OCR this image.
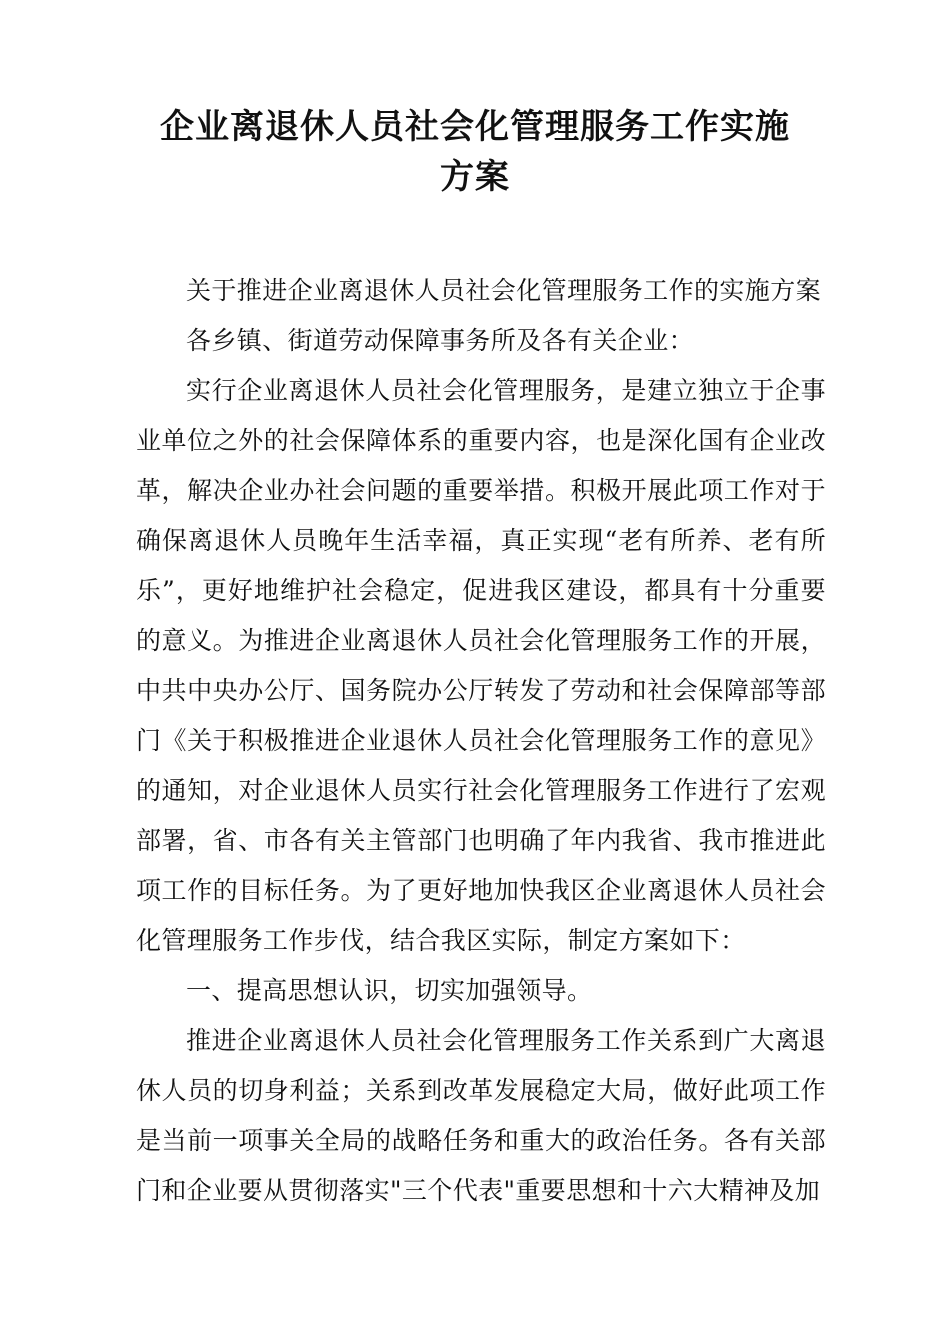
企业离退休人员社会化管理服务工作实施
方案

关于推进企业离退休人员社会化管理服务工作的实施方案

各乡镇、街道劳动保障事务所及各有关企业：

实行企业离退休人员社会化管理服务，是建立独立于企事业单位之外的社会保障体系的重要内容，也是深化国有企业改革，解决企业办社会问题的重要举措。积极开展此项工作对于确保离退休人员晚年生活幸福，真正实现“老有所养、老有所乐”，更好地维护社会稳定，促进我区建设，都具有十分重要的意义。为推进企业离退休人员社会化管理服务工作的开展，中共中央办公厅、国务院办公厅转发了劳动和社会保障部等部门《关于积极推进企业退休人员社会化管理服务工作的意见》的通知，对企业退休人员实行社会化管理服务工作进行了宏观部署，省、市各有关主管部门也明确了年内我省、我市推进此项工作的目标任务。为了更好地加快我区企业离退休人员社会化管理服务工作步伐，结合我区实际，制定方案如下：

一、提高思想认识，切实加强领导。

推进企业离退休人员社会化管理服务工作关系到广大离退休人员的切身利益；关系到改革发展稳定大局，做好此项工作是当前一项事关全局的战略任务和重大的政治任务。各有关部门和企业要从贯彻落实"三个代表"重要思想和十六大精神及加
